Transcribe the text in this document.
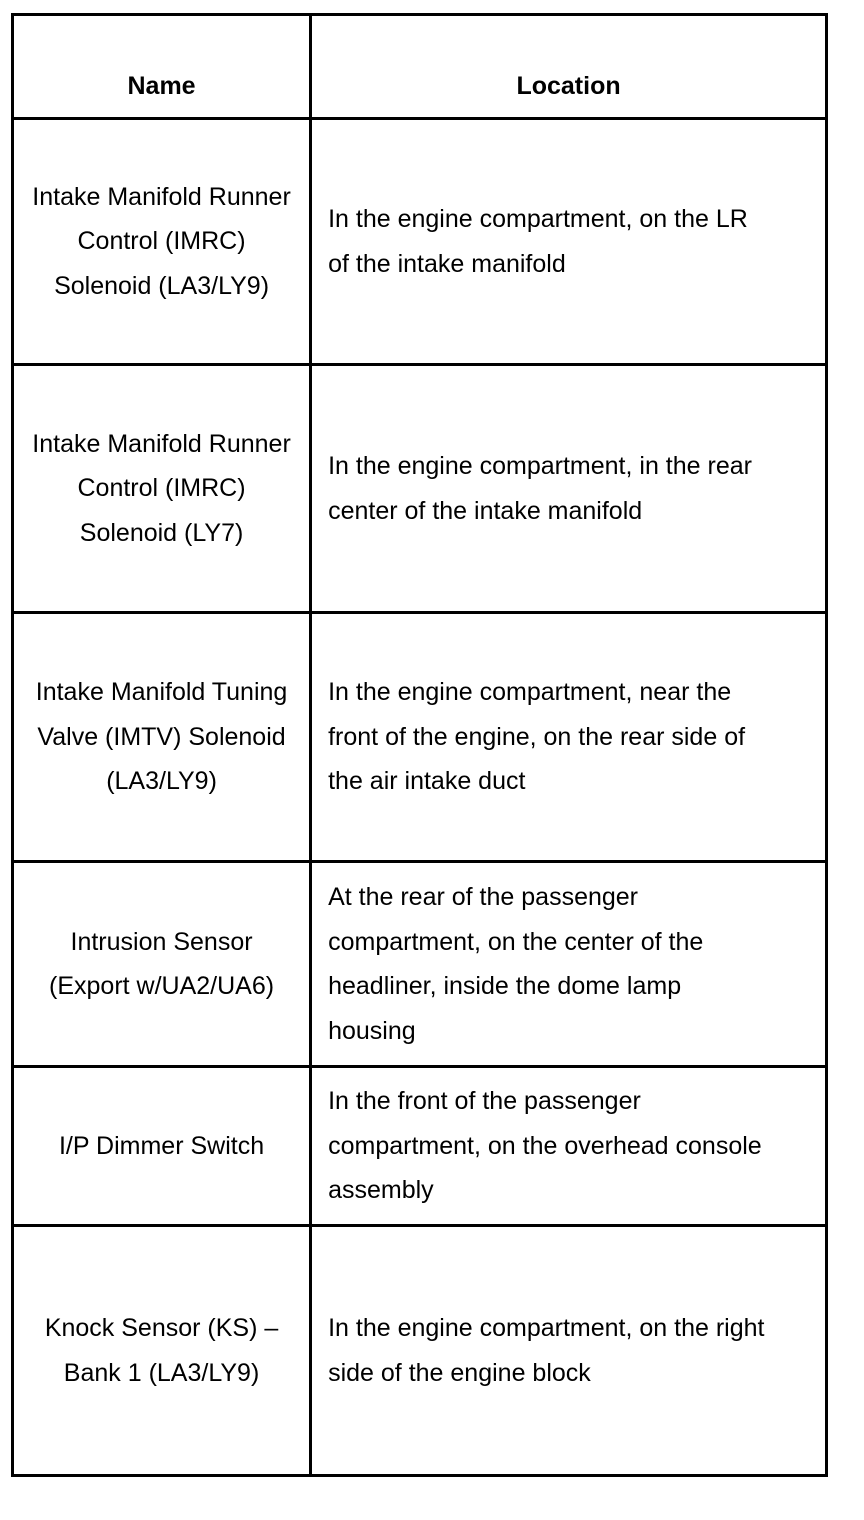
Name	Location
Intake Manifold Runner Control (IMRC) Solenoid (LA3/LY9)	In the engine compartment, on the LR of the intake manifold
Intake Manifold Runner Control (IMRC) Solenoid (LY7)	In the engine compartment, in the rear center of the intake manifold
Intake Manifold Tuning Valve (IMTV) Solenoid (LA3/LY9)	In the engine compartment, near the front of the engine, on the rear side of the air intake duct
Intrusion Sensor (Export w/UA2/UA6)	At the rear of the passenger compartment, on the center of the headliner, inside the dome lamp housing
I/P Dimmer Switch	In the front of the passenger compartment, on the overhead console assembly
Knock Sensor (KS) – Bank 1 (LA3/LY9)	In the engine compartment, on the right side of the engine block
